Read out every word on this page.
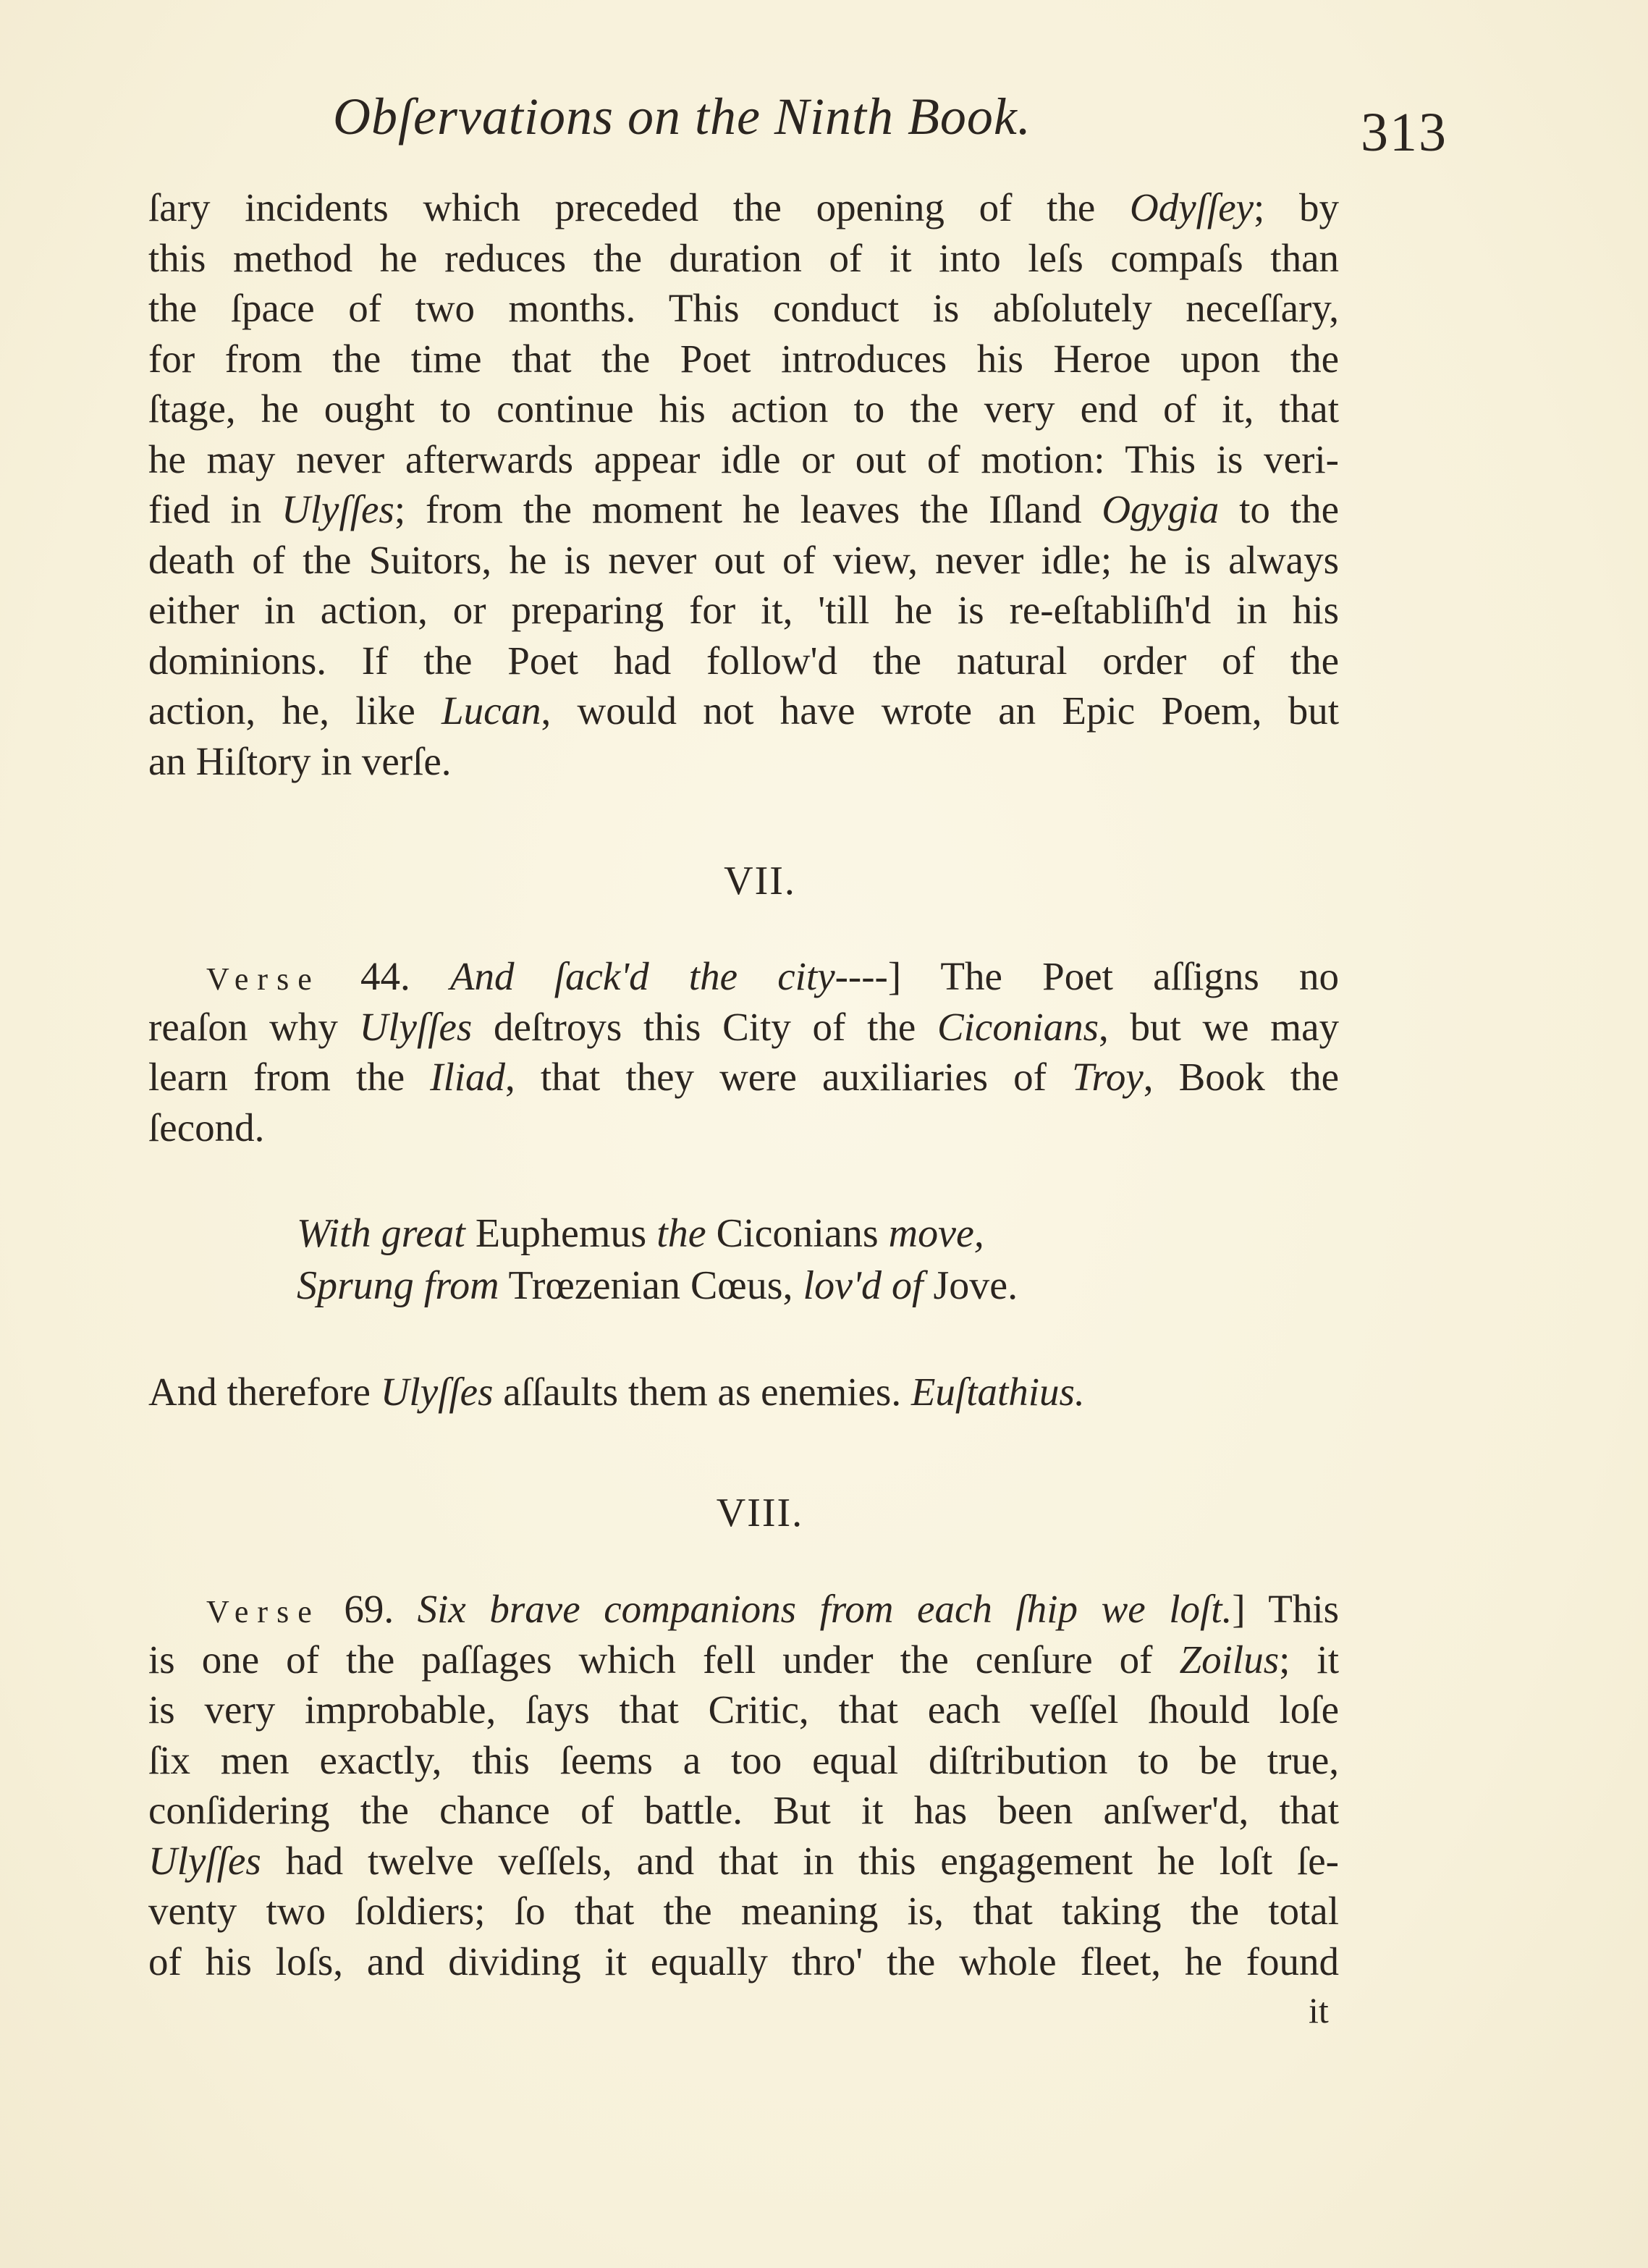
Obſervations on the Ninth Book.	313
ſary incidents which preceded the opening of the Odyſſey; by
this method he reduces the duration of it into leſs compaſs than
the ſpace of two months. This conduct is abſolutely neceſſary,
for from the time that the Poet introduces his Heroe upon the
ſtage, he ought to continue his action to the very end of it, that
he may never afterwards appear idle or out of motion: This is veri-
fied in Ulyſſes; from the moment he leaves the Iſland Ogygia to the
death of the Suitors, he is never out of view, never idle; he is always
either in action, or preparing for it, 'till he is re-eſtabliſh'd in his
dominions. If the Poet had follow'd the natural order of the
action, he, like Lucan, would not have wrote an Epic Poem, but
an Hiſtory in verſe.
VII.
Verse 44. And ſack'd the city----] The Poet aſſigns no
reaſon why Ulyſſes deſtroys this City of the Ciconians, but we may
learn from the Iliad, that they were auxiliaries of Troy, Book the
ſecond.
With great Euphemus the Ciconians move,
Sprung from Trœzenian Cœus, lov'd of Jove.
And therefore Ulyſſes aſſaults them as enemies. Euſtathius.
VIII.
Verse 69. Six brave companions from each ſhip we loſt.] This
is one of the paſſages which fell under the cenſure of Zoilus; it
is very improbable, ſays that Critic, that each veſſel ſhould loſe
ſix men exactly, this ſeems a too equal diſtribution to be true,
conſidering the chance of battle. But it has been anſwer'd, that
Ulyſſes had twelve veſſels, and that in this engagement he loſt ſe-
venty two ſoldiers; ſo that the meaning is, that taking the total
of his loſs, and dividing it equally thro' the whole fleet, he found
it
